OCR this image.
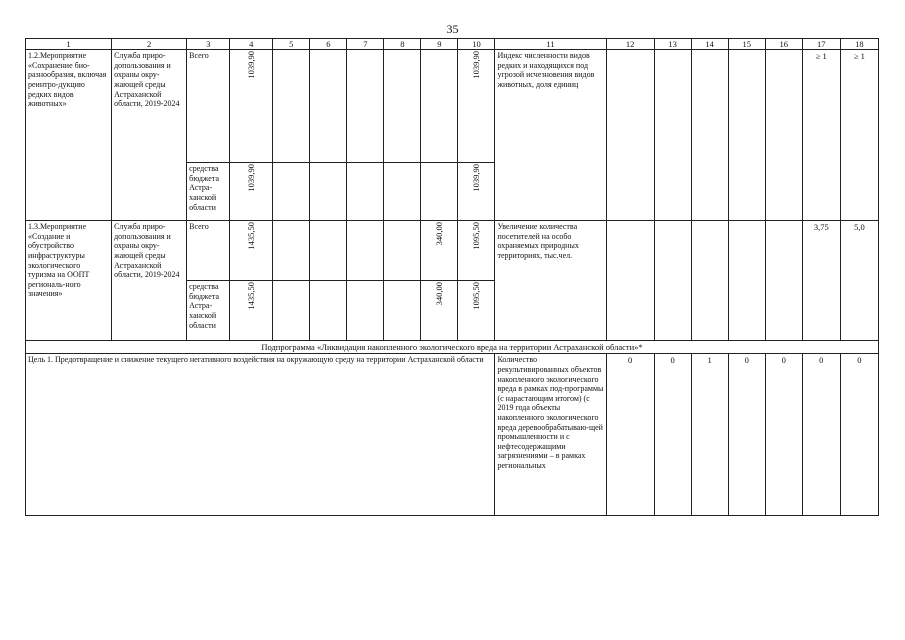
35
1	2	3	4	5	6	7	8	9	10	11	12	13	14	15	16	17	18
1.2.Мероприятие «Сохранение био-разнообразия, включая реинтро-дукцию редких видов животных»	Служба приро-допользования и охраны окру-жающей среды Астраханской области, 2019-2024	Всего	1039,90						1039,90	Индекс численности видов редких и находящихся под угрозой исчезновения видов животных, доля единиц						≥ 1	≥ 1
		средства бюджета Астра-ханской области	1039,90						1039,90								
1.3.Мероприятие «Создание и обустройство инфраструктуры экологического туризма на ООПТ региональ-ного значения»	Служба приро-допользования и охраны окру-жающей среды Астраханской области, 2019-2024	Всего	1435,50					340,00	1095,50	Увеличение количества посетителей на особо охраняемых природных территориях, тыс.чел.						3,75	5,0
		средства бюджета Астра-ханской области	1435,50					340,00	1095,50								
Подпрограмма «Ликвидация накопленного экологического вреда на территории Астраханской области»*																	
Цель 1. Предотвращение и снижение текущего негативного воздействия на окружающую среду на территории Астраханской области										Количество рекультивированных объектов накопленного экологического вреда в рамках под-программы (с нарастающим итогом) (с 2019 года объекты накопленного экологического вреда деревообрабатываю-щей промышленности и с нефтесодержащими загрязнениями – в рамках региональных	0	0	1	0	0	0	0
